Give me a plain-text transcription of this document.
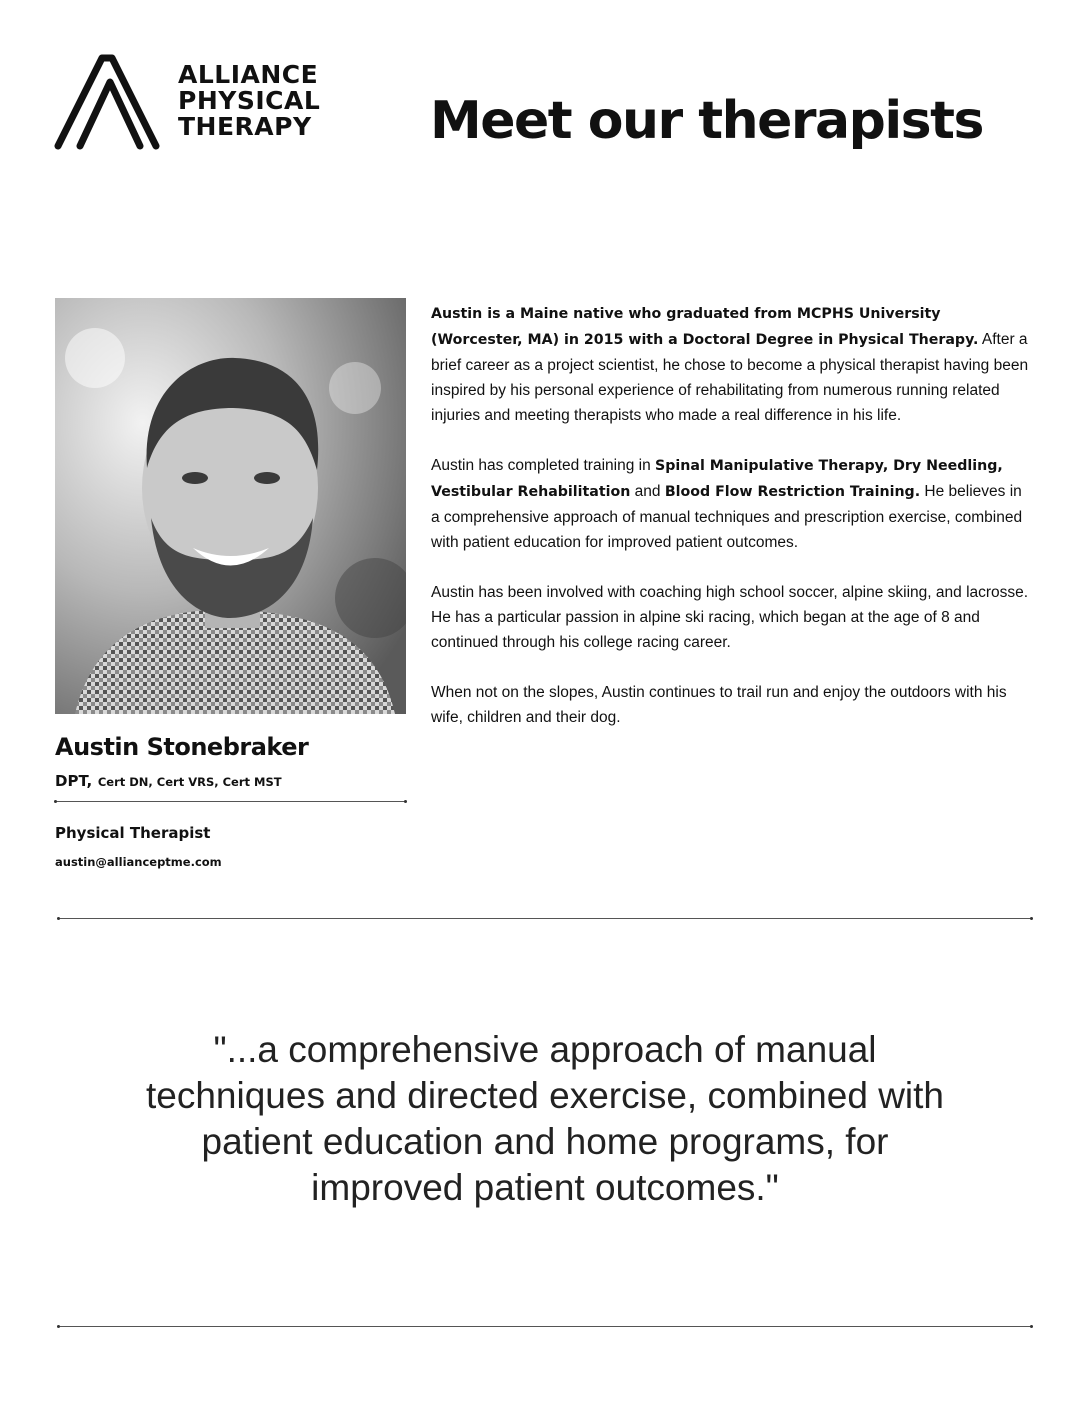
ALLIANCE
PHYSICAL
THERAPY Meet our therapists
Austin Stonebraker

DPT, Cert DN, Cert VRS, Cert MST

Physical Therapist

austin@allianceptme.com

Austin is a Maine native who graduated from MCPHS University (Worcester, MA) in 2015 with a Doctoral Degree in Physical Therapy. After a brief career as a project scientist, he chose to become a physical therapist having been inspired by his personal experience of rehabilitating from numerous running related injuries and meeting therapists who made a real difference in his life.

Austin has completed training in Spinal Manipulative Therapy, Dry Needling, Vestibular Rehabilitation and Blood Flow Restriction Training. He believes in a comprehensive approach of manual techniques and prescription exercise, combined with patient education for improved patient outcomes.

Austin has been involved with coaching high school soccer, alpine skiing, and lacrosse. He has a particular passion in alpine ski racing, which began at the age of 8 and continued through his college racing career.

When not on the slopes, Austin continues to trail run and enjoy the outdoors with his wife, children and their dog.

"...a comprehensive approach of manual techniques and directed exercise, combined with patient education and home programs, for improved patient outcomes."
